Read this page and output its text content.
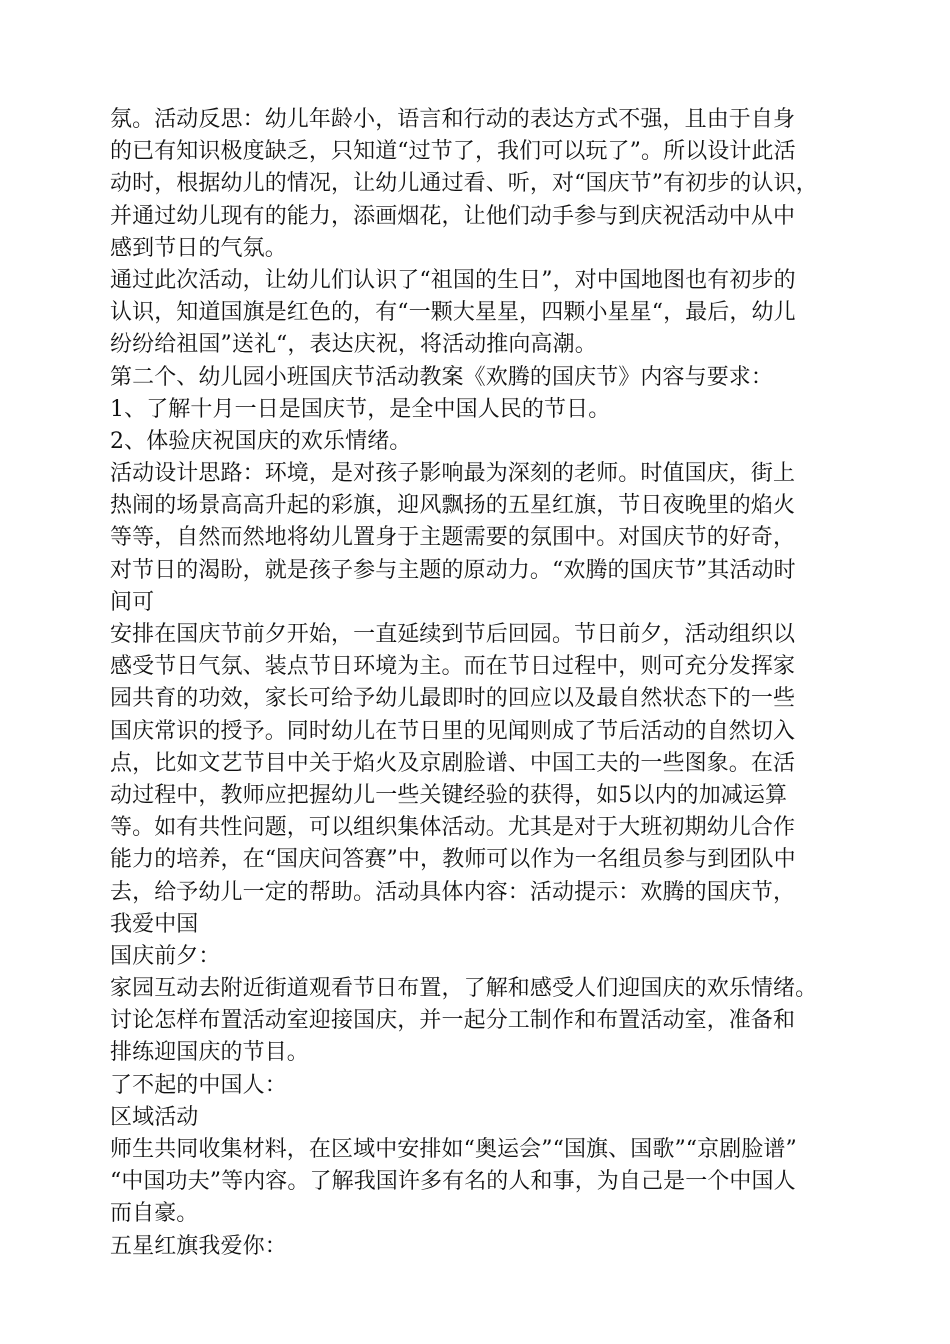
氛。活动反思：幼儿年龄小，语言和行动的表达方式不强，且由于自身
的已有知识极度缺乏，只知道“过节了，我们可以玩了”。所以设计此活
动时，根据幼儿的情况，让幼儿通过看、听，对“国庆节”有初步的认识，
并通过幼儿现有的能力，添画烟花，让他们动手参与到庆祝活动中从中
感到节日的气氛。
通过此次活动，让幼儿们认识了“祖国的生日”，对中国地图也有初步的
认识，知道国旗是红色的，有“一颗大星星，四颗小星星“，最后，幼儿
纷纷给祖国”送礼“，表达庆祝，将活动推向高潮。
第二个、幼儿园小班国庆节活动教案《欢腾的国庆节》内容与要求：
1、了解十月一日是国庆节，是全中国人民的节日。
2、体验庆祝国庆的欢乐情绪。
活动设计思路：环境，是对孩子影响最为深刻的老师。时值国庆，街上
热闹的场景高高升起的彩旗，迎风飘扬的五星红旗，节日夜晚里的焰火
等等，自然而然地将幼儿置身于主题需要的氛围中。对国庆节的好奇，
对节日的渴盼，就是孩子参与主题的原动力。“欢腾的国庆节”其活动时
间可
安排在国庆节前夕开始，一直延续到节后回园。节日前夕，活动组织以
感受节日气氛、装点节日环境为主。而在节日过程中，则可充分发挥家
园共育的功效，家长可给予幼儿最即时的回应以及最自然状态下的一些
国庆常识的授予。同时幼儿在节日里的见闻则成了节后活动的自然切入
点，比如文艺节目中关于焰火及京剧脸谱、中国工夫的一些图象。在活
动过程中，教师应把握幼儿一些关键经验的获得，如5以内的加减运算
等。如有共性问题，可以组织集体活动。尤其是对于大班初期幼儿合作
能力的培养，在“国庆问答赛”中，教师可以作为一名组员参与到团队中
去，给予幼儿一定的帮助。活动具体内容：活动提示：欢腾的国庆节，
我爱中国
国庆前夕：
家园互动去附近街道观看节日布置，了解和感受人们迎国庆的欢乐情绪。
讨论怎样布置活动室迎接国庆，并一起分工制作和布置活动室，准备和
排练迎国庆的节目。
了不起的中国人：
区域活动
师生共同收集材料，在区域中安排如“奥运会”“国旗、国歌”“京剧脸谱”
“中国功夫”等内容。了解我国许多有名的人和事，为自己是一个中国人
而自豪。
五星红旗我爱你：
